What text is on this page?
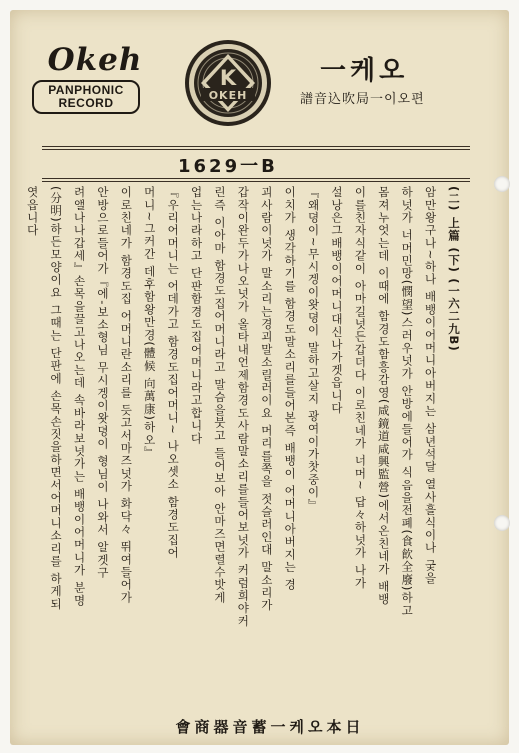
Okeh
PANPHONIC
RECORD
K
OKEH
一케오
譜音込吹局一이오편
1629一B

(二) 上篇 (下) (一六二九B)

암만왕구나~하나 배뱅이어머니아버지는 삼년석달 열사흘식이나 궂을

하넛가 너머민망(憫望)스러우넛가 안방에들어가 식음을전폐(食飮全廢)하고

몸져누엇는데 이때에 함경도함흥감영(咸鏡道咸興監營)에서온친네가 배뱅

이를친자식같이 아마길넛든갑더다 이로친네가 너머~ 답々하넛가 나가

설낭은그배뱅이어머니대신나가겟읍니다

『왜뎡이~무시겡이왓뎡이 말하고살지 광여이가찻중이』

이치가 생각하기를 함경도말소리를들어본즉 배뱅이 어머니아버지는 경

괴사람이넛가 말소리는경괴말소릴러이요 머리를쪽을 젓슬러인대 말소리가

갑작이완두가나오넛가 올타내언제함경도사람말소리를들어보넛가 커럼희야커

린즉 이아마 함경도집어머니라고 말슴을붓고 들어보아 안마즈면렬수밧게

업는나라하고 단판함경도집어머니라고합니다

『우리어머니는 어데가고 함경도집어머니~ 나오셋소 함경도집어

머니~그커간 데후함왕만경(體候 向萬康)하오』

이로친네가 함경도집 어머니란소리를 듯고서마즈넛가 화닥々 뛰여들어가

안방으로들어가『에-보소형님 무시겡이왓뎡이 형님이 나와서 알겟구

려앨나나갑세』손목을끌고나오는데 속바라보넛가는 배뱅이어머니가 분명

(分明)하든모양이요 그때는 단판에 손목손짓을하면서어머니소리를 하게되

엿읍니다

日本오케一蓄音器商會
